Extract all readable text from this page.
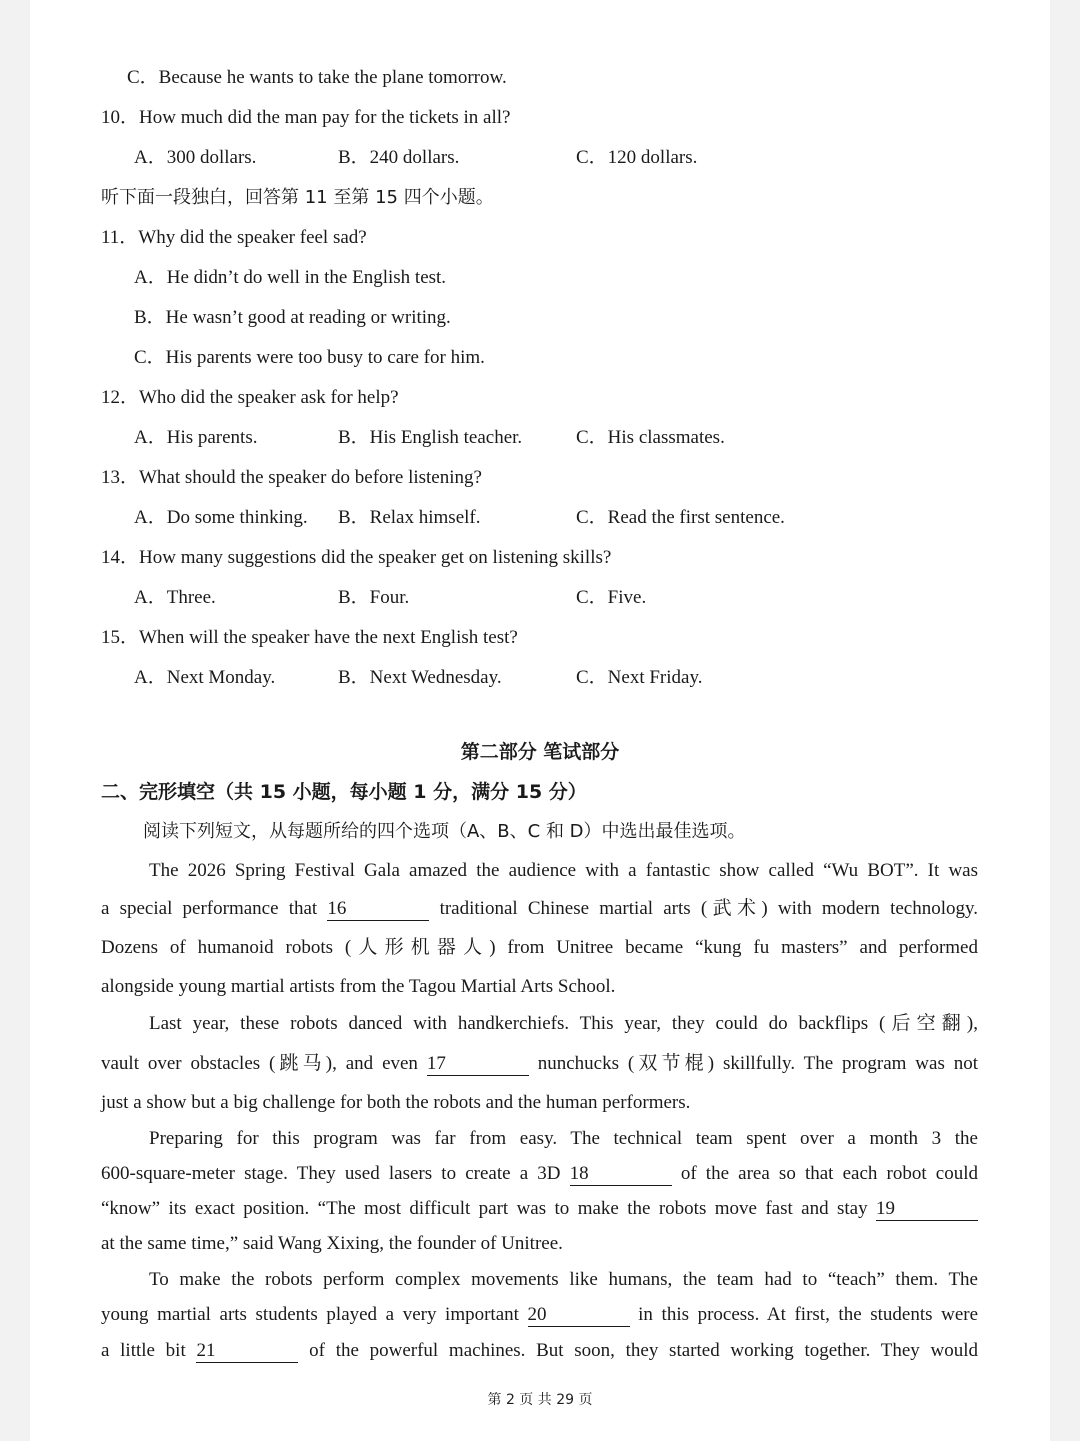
C．Because he wants to take the plane tomorrow.
10．How much did the man pay for the tickets in all?
A．300 dollars.	B．240 dollars.	C．120 dollars.
听下面一段独白，回答第 11 至第 15 四个小题。
11．Why did the speaker feel sad?
A．He didn’t do well in the English test.
B．He wasn’t good at reading or writing.
C．His parents were too busy to care for him.
12．Who did the speaker ask for help?
A．His parents.	B．His English teacher.	C．His classmates.
13．What should the speaker do before listening?
A．Do some thinking. B．Relax himself.	C．Read the first sentence.
14．How many suggestions did the speaker get on listening skills?
A．Three.	B．Four.	C．Five.
15．When will the speaker have the next English test?
A．Next Monday.	B．Next Wednesday.	C．Next Friday.
第二部分 笔试部分
二、完形填空（共 15 小题，每小题 1 分，满分 15 分）
阅读下列短文，从每题所给的四个选项（A、B、C 和 D）中选出最佳选项。
The 2026 Spring Festival Gala amazed the audience with a fantastic show called “Wu BOT”. It was
a special performance that 16	traditional Chinese martial arts (武术) with modern technology.
Dozens of humanoid robots (人形机器人) from Unitree became “kung fu masters” and performed
alongside young martial artists from the Tagou Martial Arts School.
Last year, these robots danced with handkerchiefs. This year, they could do backflips (后空翻),
vault over obstacles (跳马), and even 17	nunchucks (双节棍) skillfully. The program was not
just a show but a big challenge for both the robots and the human performers.
Preparing for this program was far from easy. The technical team spent over a month 3 the
600-square-meter stage. They used lasers to create a 3D 18	of the area so that each robot could
“know” its exact position. “The most difficult part was to make the robots move fast and stay 19
at the same time,” said Wang Xixing, the founder of Unitree.
To make the robots perform complex movements like humans, the team had to “teach” them. The
young martial arts students played a very important 20	in this process. At first, the students were
a little bit 21	of the powerful machines. But soon, they started working together. They would
第 2 页 共 29 页
